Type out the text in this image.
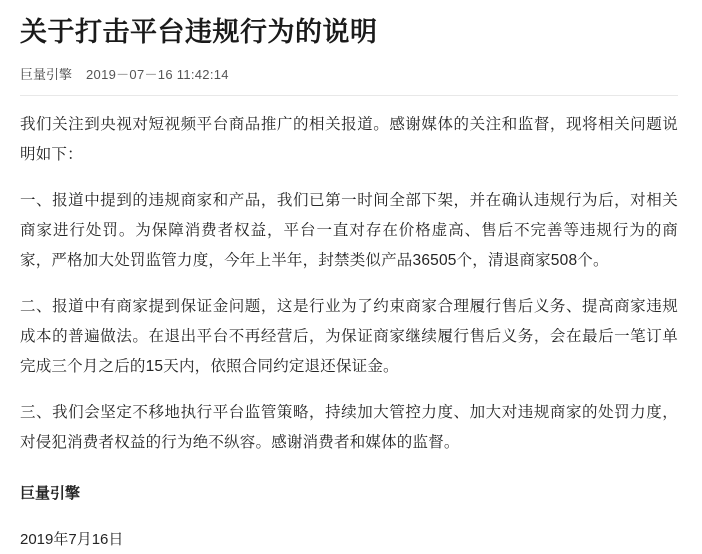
关于打击平台违规行为的说明
巨量引擎 2019－07－16 11:42:14

我们关注到央视对短视频平台商品推广的相关报道。感谢媒体的关注和监督，现将相关问题说明如下：

一、报道中提到的违规商家和产品，我们已第一时间全部下架，并在确认违规行为后，对相关商家进行处罚。为保障消费者权益，平台一直对存在价格虚高、售后不完善等违规行为的商家，严格加大处罚监管力度，今年上半年，封禁类似产品36505个，清退商家508个。

二、报道中有商家提到保证金问题，这是行业为了约束商家合理履行售后义务、提高商家违规成本的普遍做法。在退出平台不再经营后，为保证商家继续履行售后义务，会在最后一笔订单完成三个月之后的15天内，依照合同约定退还保证金。

三、我们会坚定不移地执行平台监管策略，持续加大管控力度、加大对违规商家的处罚力度，对侵犯消费者权益的行为绝不纵容。感谢消费者和媒体的监督。

巨量引擎

2019年7月16日
